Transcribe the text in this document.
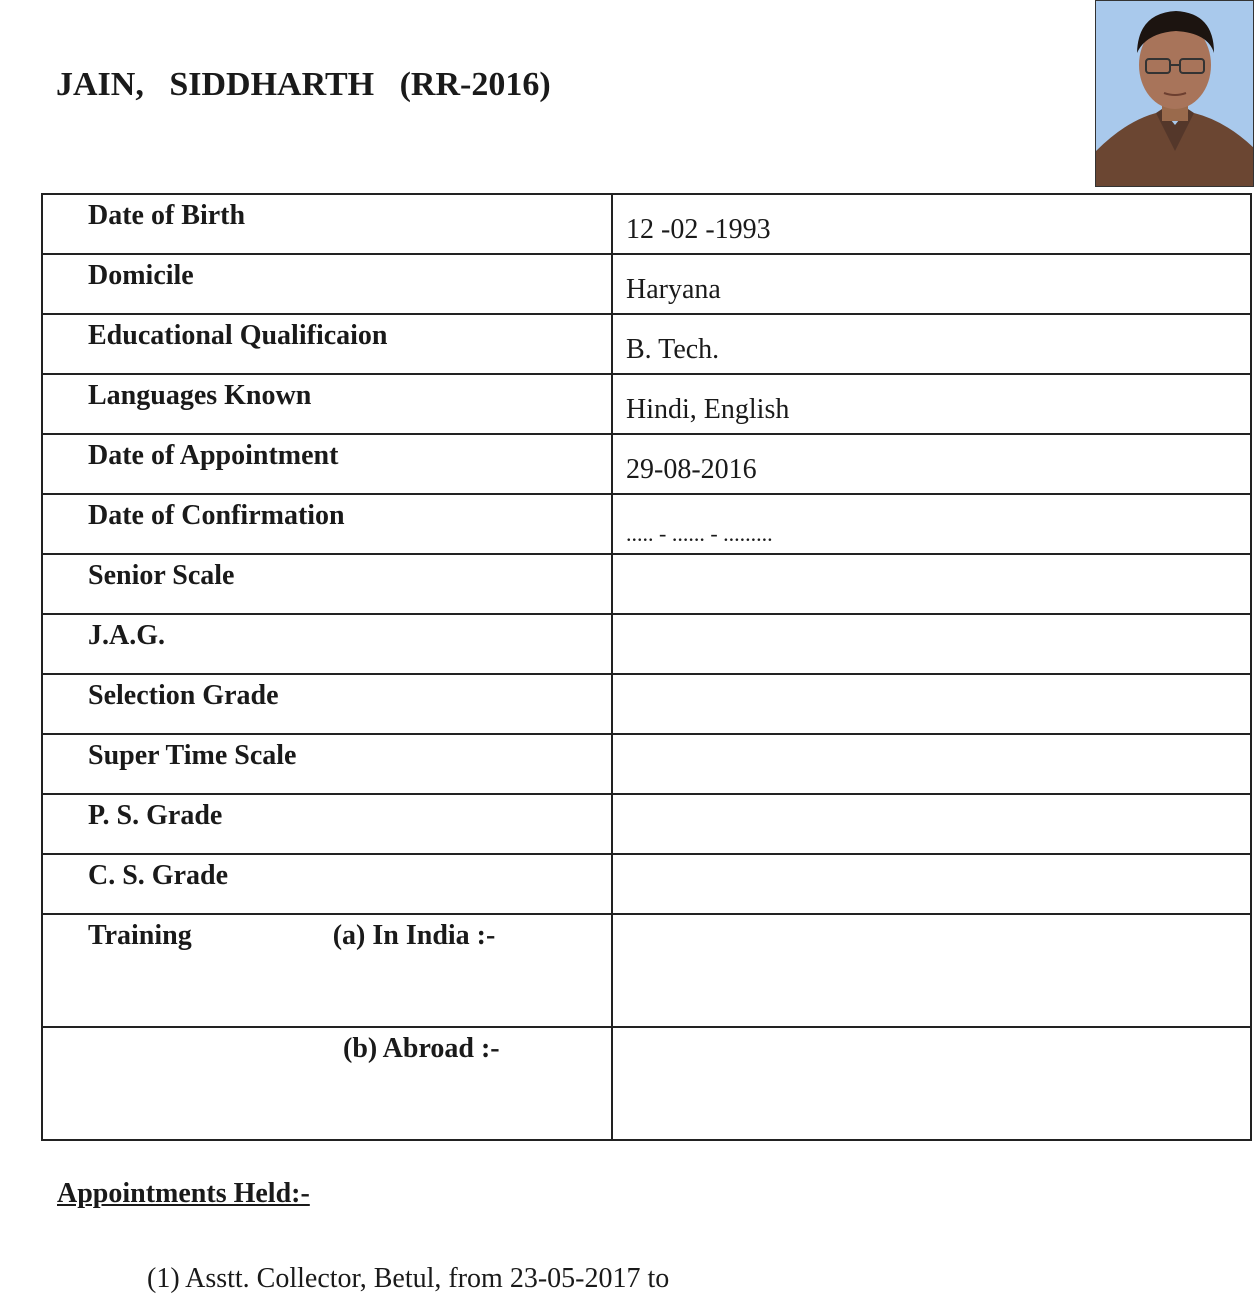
JAIN,   SIDDHARTH   (RR-2016)
Date of Birth	12 -02 -1993

Domicile	Haryana

Educational Qualificaion	B. Tech.

Languages Known	Hindi, English

Date of Appointment	29-08-2016

Date of Confirmation	..... - ...... - .........

Senior Scale	

J.A.G.	

Selection Grade	

Super Time Scale	

P. S. Grade	

C. S. Grade	

Training (a) In India :-	

(b) Abroad :-	

Appointments Held:-

(1) Asstt. Collector, Betul, from 23-05-2017 to
